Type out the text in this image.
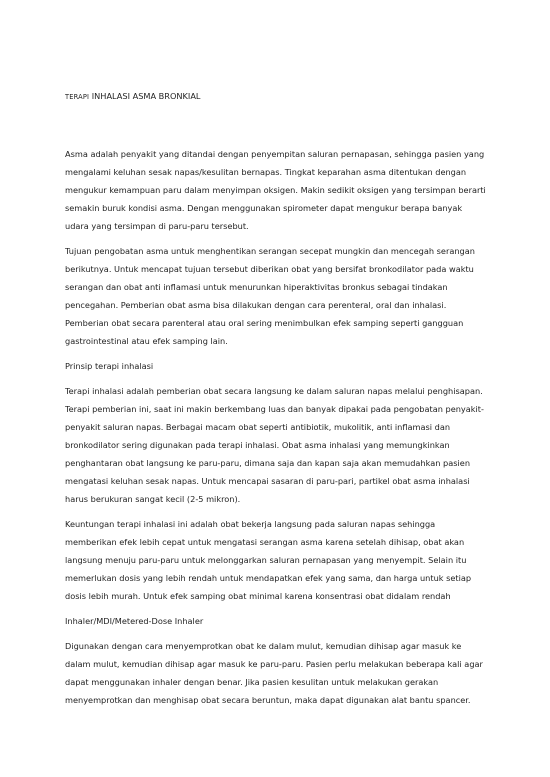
TERAPI INHALASI ASMA BRONKIAL

Asma adalah penyakit yang ditandai dengan penyempitan saluran pernapasan, sehingga pasien yang mengalami keluhan sesak napas/kesulitan bernapas. Tingkat keparahan asma ditentukan dengan mengukur kemampuan paru dalam menyimpan oksigen. Makin sedikit oksigen yang tersimpan berarti semakin buruk kondisi asma. Dengan menggunakan spirometer dapat mengukur berapa banyak udara yang tersimpan di paru-paru tersebut.

Tujuan pengobatan asma untuk menghentikan serangan secepat mungkin dan mencegah serangan berikutnya. Untuk mencapat tujuan tersebut diberikan obat yang bersifat bronkodilator pada waktu serangan dan obat anti inflamasi untuk menurunkan hiperaktivitas bronkus sebagai tindakan pencegahan. Pemberian obat asma bisa dilakukan dengan cara perenteral, oral dan inhalasi. Pemberian obat secara parenteral atau oral sering menimbulkan efek samping seperti gangguan gastrointestinal atau efek samping lain.

Prinsip terapi inhalasi

Terapi inhalasi adalah pemberian obat secara langsung ke dalam saluran napas melalui penghisapan. Terapi pemberian ini, saat ini makin berkembang luas dan banyak dipakai pada pengobatan penyakit-penyakit saluran napas. Berbagai macam obat seperti antibiotik, mukolitik, anti inflamasi dan bronkodilator sering digunakan pada terapi inhalasi. Obat asma inhalasi yang memungkinkan penghantaran obat langsung ke paru-paru, dimana saja dan kapan saja akan memudahkan pasien mengatasi keluhan sesak napas. Untuk mencapai sasaran di paru-pari, partikel obat asma inhalasi harus berukuran sangat kecil (2-5 mikron).

Keuntungan terapi inhalasi ini adalah obat bekerja langsung pada saluran napas sehingga memberikan efek lebih cepat untuk mengatasi serangan asma karena setelah dihisap, obat akan langsung menuju paru-paru untuk melonggarkan saluran pernapasan yang menyempit. Selain itu memerlukan dosis yang lebih rendah untuk mendapatkan efek yang sama, dan harga untuk setiap dosis lebih murah. Untuk efek samping obat minimal karena konsentrasi obat didalam rendah

Inhaler/MDI/Metered-Dose Inhaler

Digunakan dengan cara menyemprotkan obat ke dalam mulut, kemudian dihisap agar masuk ke dalam mulut, kemudian dihisap agar masuk ke paru-paru. Pasien perlu melakukan beberapa kali agar dapat menggunakan inhaler dengan benar. Jika pasien kesulitan untuk melakukan gerakan menyemprotkan dan menghisap obat secara beruntun, maka dapat digunakan alat bantu spancer.
